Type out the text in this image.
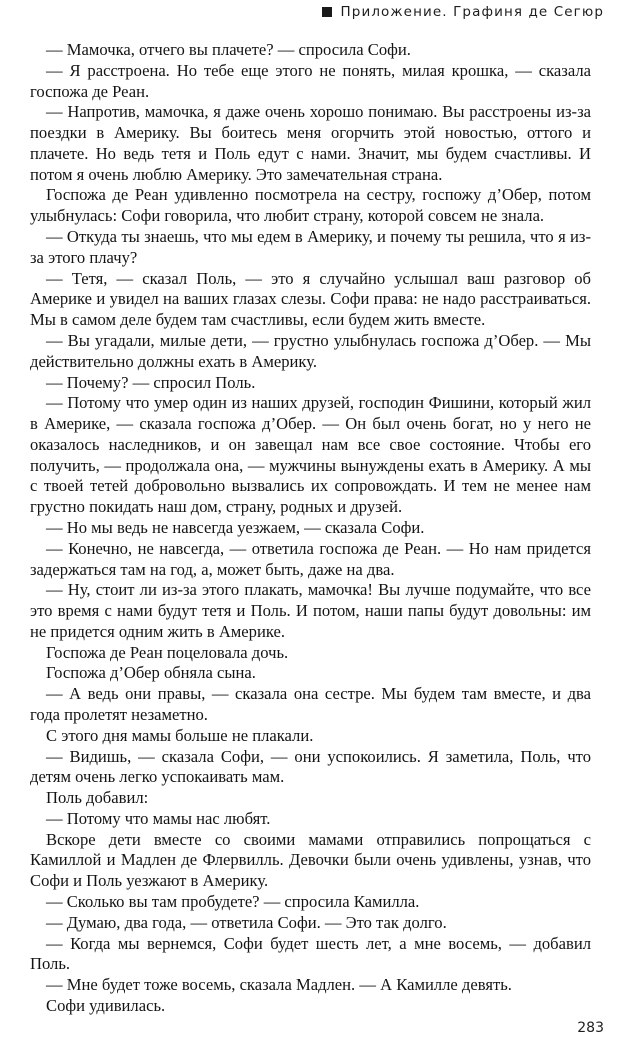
Приложение. Графиня де Сегюр

— Мамочка, отчего вы плачете? — спросила Софи.

— Я расстроена. Но тебе еще этого не понять, милая крошка, — сказала госпожа де Реан.

— Напротив, мамочка, я даже очень хорошо понимаю. Вы расстроены из-за поездки в Америку. Вы боитесь меня огорчить этой новостью, оттого и плачете. Но ведь тетя и Поль едут с нами. Значит, мы будем счастливы. И потом я очень люблю Америку. Это замечательная страна.

Госпожа де Реан удивленно посмотрела на сестру, госпожу д’Обер, потом улыбнулась: Софи говорила, что любит страну, которой совсем не знала.

— Откуда ты знаешь, что мы едем в Америку, и почему ты решила, что я из-за этого плачу?

— Тетя, — сказал Поль, — это я случайно услышал ваш разговор об Америке и увидел на ваших глазах слезы. Софи права: не надо расстраиваться. Мы в самом деле будем там счастливы, если будем жить вместе.

— Вы угадали, милые дети, — грустно улыбнулась госпожа д’Обер. — Мы действительно должны ехать в Америку.

— Почему? — спросил Поль.

— Потому что умер один из наших друзей, господин Фишини, который жил в Америке, — сказала госпожа д’Обер. — Он был очень богат, но у него не оказалось наследников, и он завещал нам все свое состояние. Чтобы его получить, — продолжала она, — мужчины вынуждены ехать в Америку. А мы с твоей тетей добровольно вызвались их сопровождать. И тем не менее нам грустно покидать наш дом, страну, родных и друзей.

— Но мы ведь не навсегда уезжаем, — сказала Софи.

— Конечно, не навсегда, — ответила госпожа де Реан. — Но нам придется задержаться там на год, а, может быть, даже на два.

— Ну, стоит ли из-за этого плакать, мамочка! Вы лучше подумайте, что все это время с нами будут тетя и Поль. И потом, наши папы будут довольны: им не придется одним жить в Америке.

Госпожа де Реан поцеловала дочь.

Госпожа д’Обер обняла сына.

— А ведь они правы, — сказала она сестре. Мы будем там вместе, и два года пролетят незаметно.

С этого дня мамы больше не плакали.

— Видишь, — сказала Софи, — они успокоились. Я заметила, Поль, что детям очень легко успокаивать мам.

Поль добавил:

— Потому что мамы нас любят.

Вскоре дети вместе со своими мамами отправились попрощаться с Камиллой и Мадлен де Флервилль. Девочки были очень удивлены, узнав, что Софи и Поль уезжают в Америку.

— Сколько вы там пробудете? — спросила Камилла.

— Думаю, два года, — ответила Софи. — Это так долго.

— Когда мы вернемся, Софи будет шесть лет, а мне восемь, — добавил Поль.

— Мне будет тоже восемь, сказала Мадлен. — А Камилле девять.

Софи удивилась.

283
